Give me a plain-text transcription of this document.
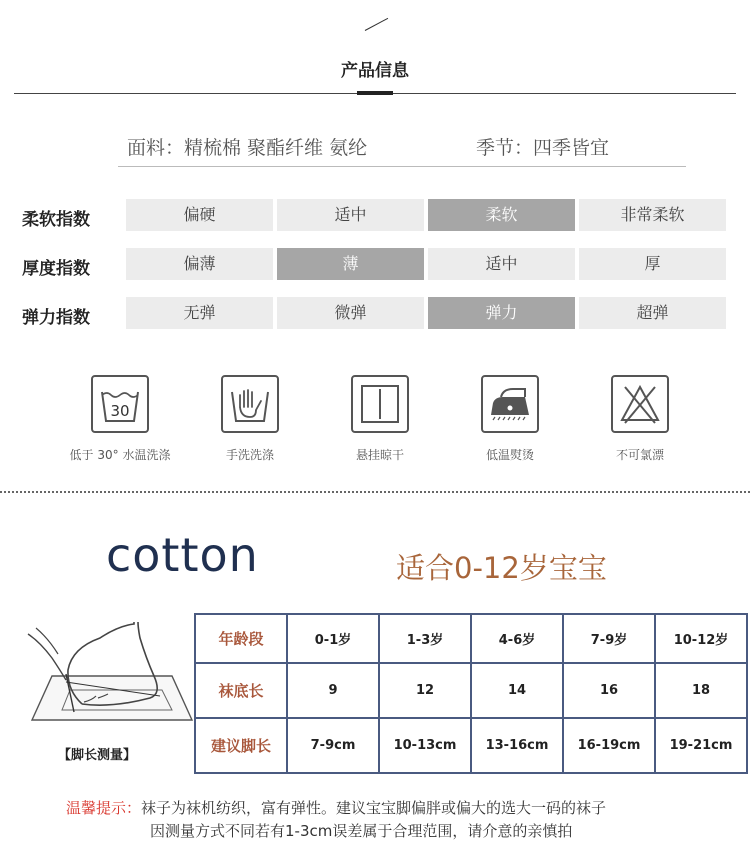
产品信息
面料：精梳棉 聚酯纤维 氨纶	季节：四季皆宜
柔软指数	偏硬	适中	柔软	非常柔软
厚度指数	偏薄	薄	适中	厚
弹力指数	无弹	微弹	弹力	超弹
30
低于 30° 水温洗涤	手洗洗涤	悬挂晾干	低温熨烫	不可氯漂
cotton	适合0-12岁宝宝
【脚长测量】
年龄段	0-1岁	1-3岁	4-6岁	7-9岁	10-12岁
袜底长	9	12	14	16	18
建议脚长	7-9cm	10-13cm	13-16cm	16-19cm	19-21cm
温馨提示：袜子为袜机纺织，富有弹性。建议宝宝脚偏胖或偏大的选大一码的袜子
因测量方式不同若有1-3cm误差属于合理范围，请介意的亲慎拍
